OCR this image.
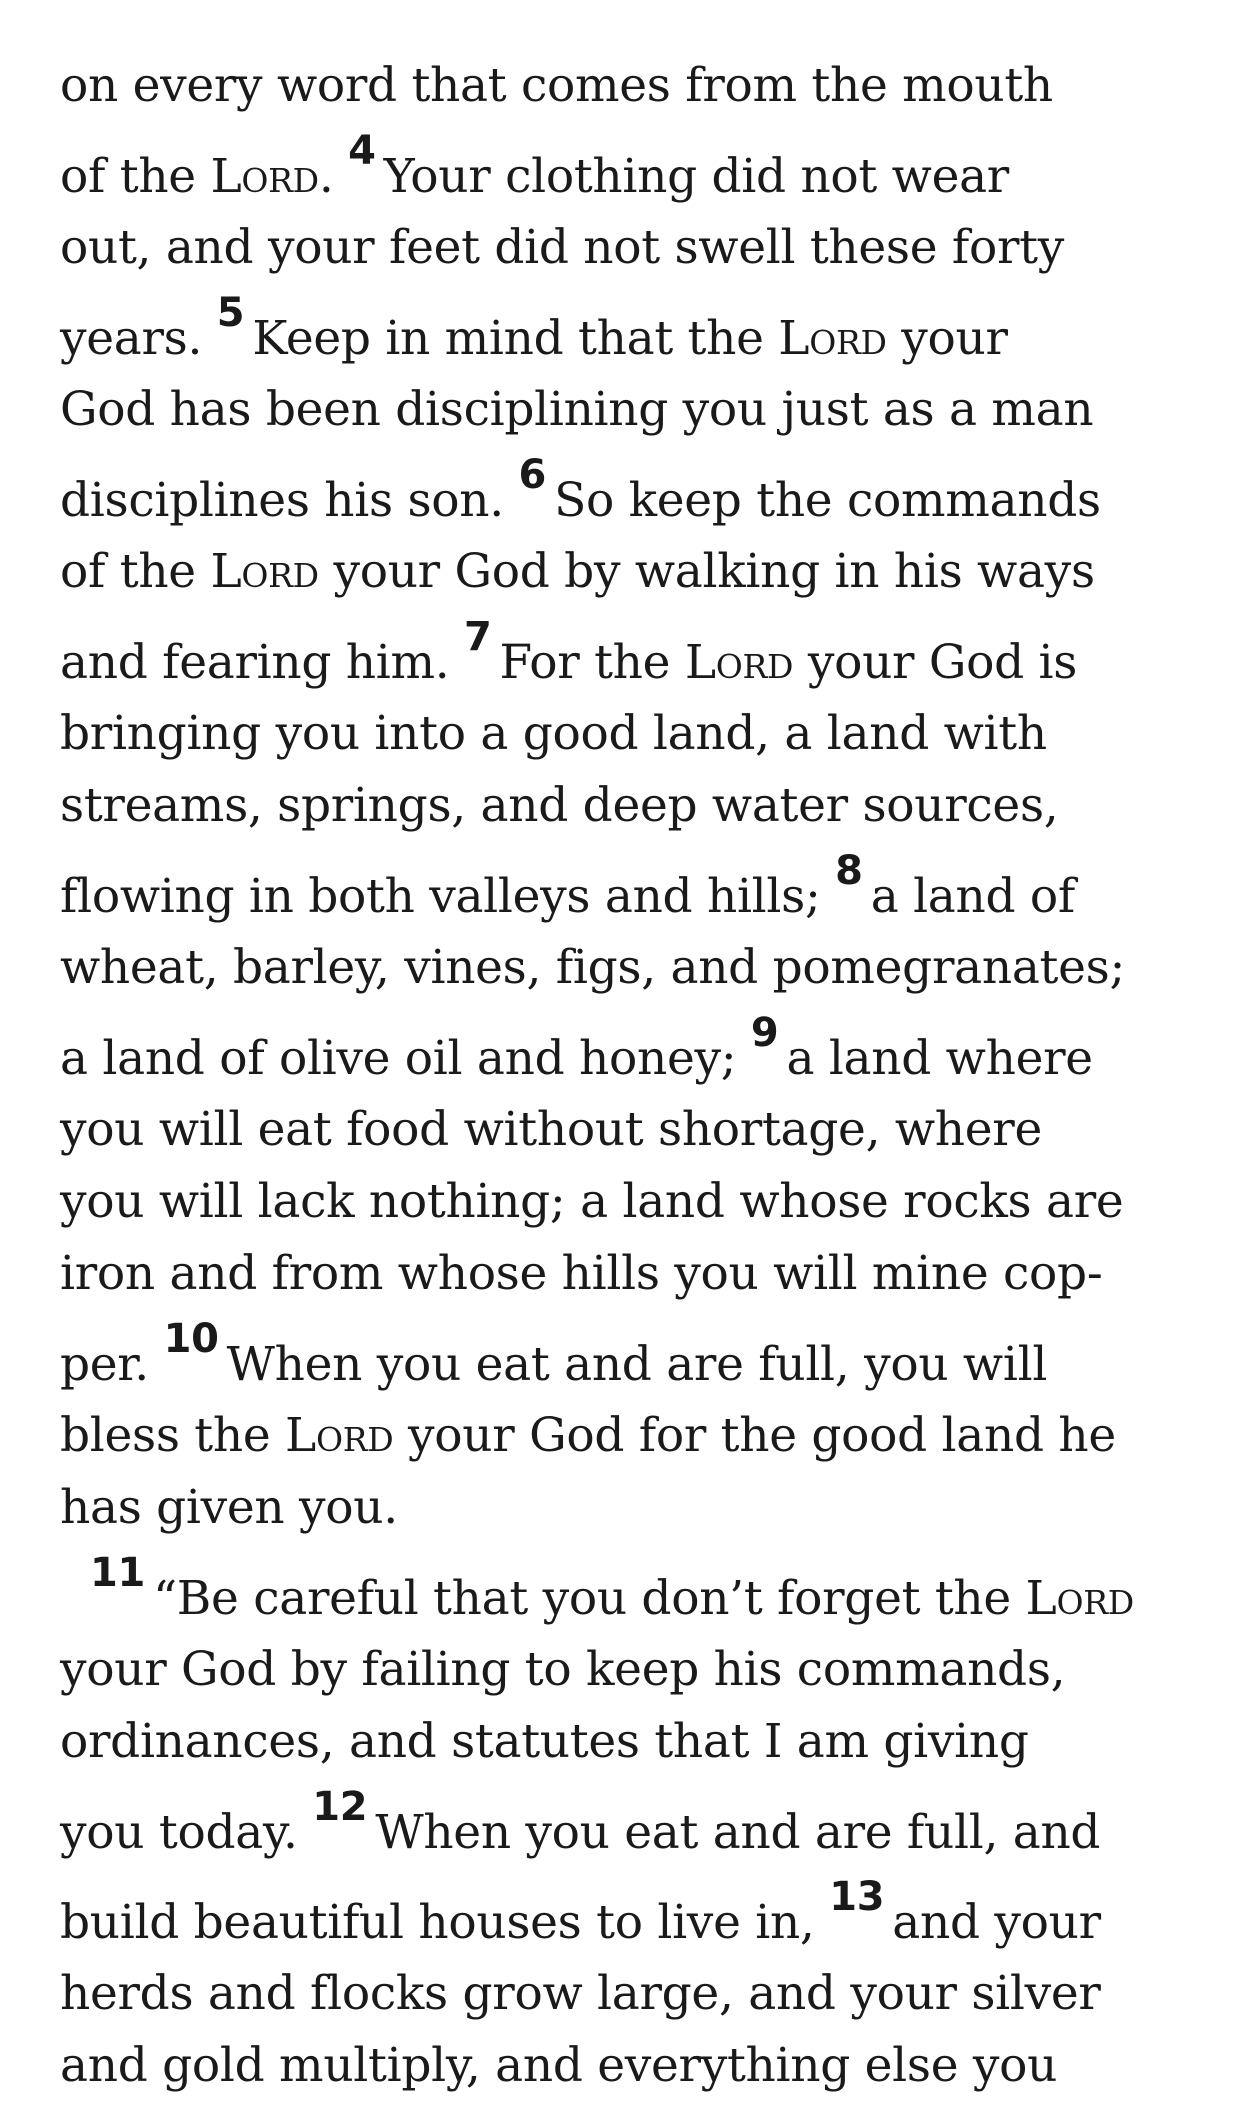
on every word that comes from the mouth
of the Lord. 4 Your clothing did not wear
out, and your feet did not swell these forty
years. 5 Keep in mind that the Lord your
God has been disciplining you just as a man
disciplines his son. 6 So keep the commands
of the Lord your God by walking in his ways
and fearing him. 7 For the Lord your God is
bringing you into a good land, a land with
streams, springs, and deep water sources,
flowing in both valleys and hills; 8 a land of
wheat, barley, vines, figs, and pomegranates;
a land of olive oil and honey; 9 a land where
you will eat food without shortage, where
you will lack nothing; a land whose rocks are
iron and from whose hills you will mine cop-
per. 10 When you eat and are full, you will
bless the Lord your God for the good land he
has given you.
11 “Be careful that you don’t forget the Lord
your God by failing to keep his commands,
ordinances, and statutes that I am giving
you today. 12 When you eat and are full, and
build beautiful houses to live in, 13 and your
herds and flocks grow large, and your silver
and gold multiply, and everything else you
